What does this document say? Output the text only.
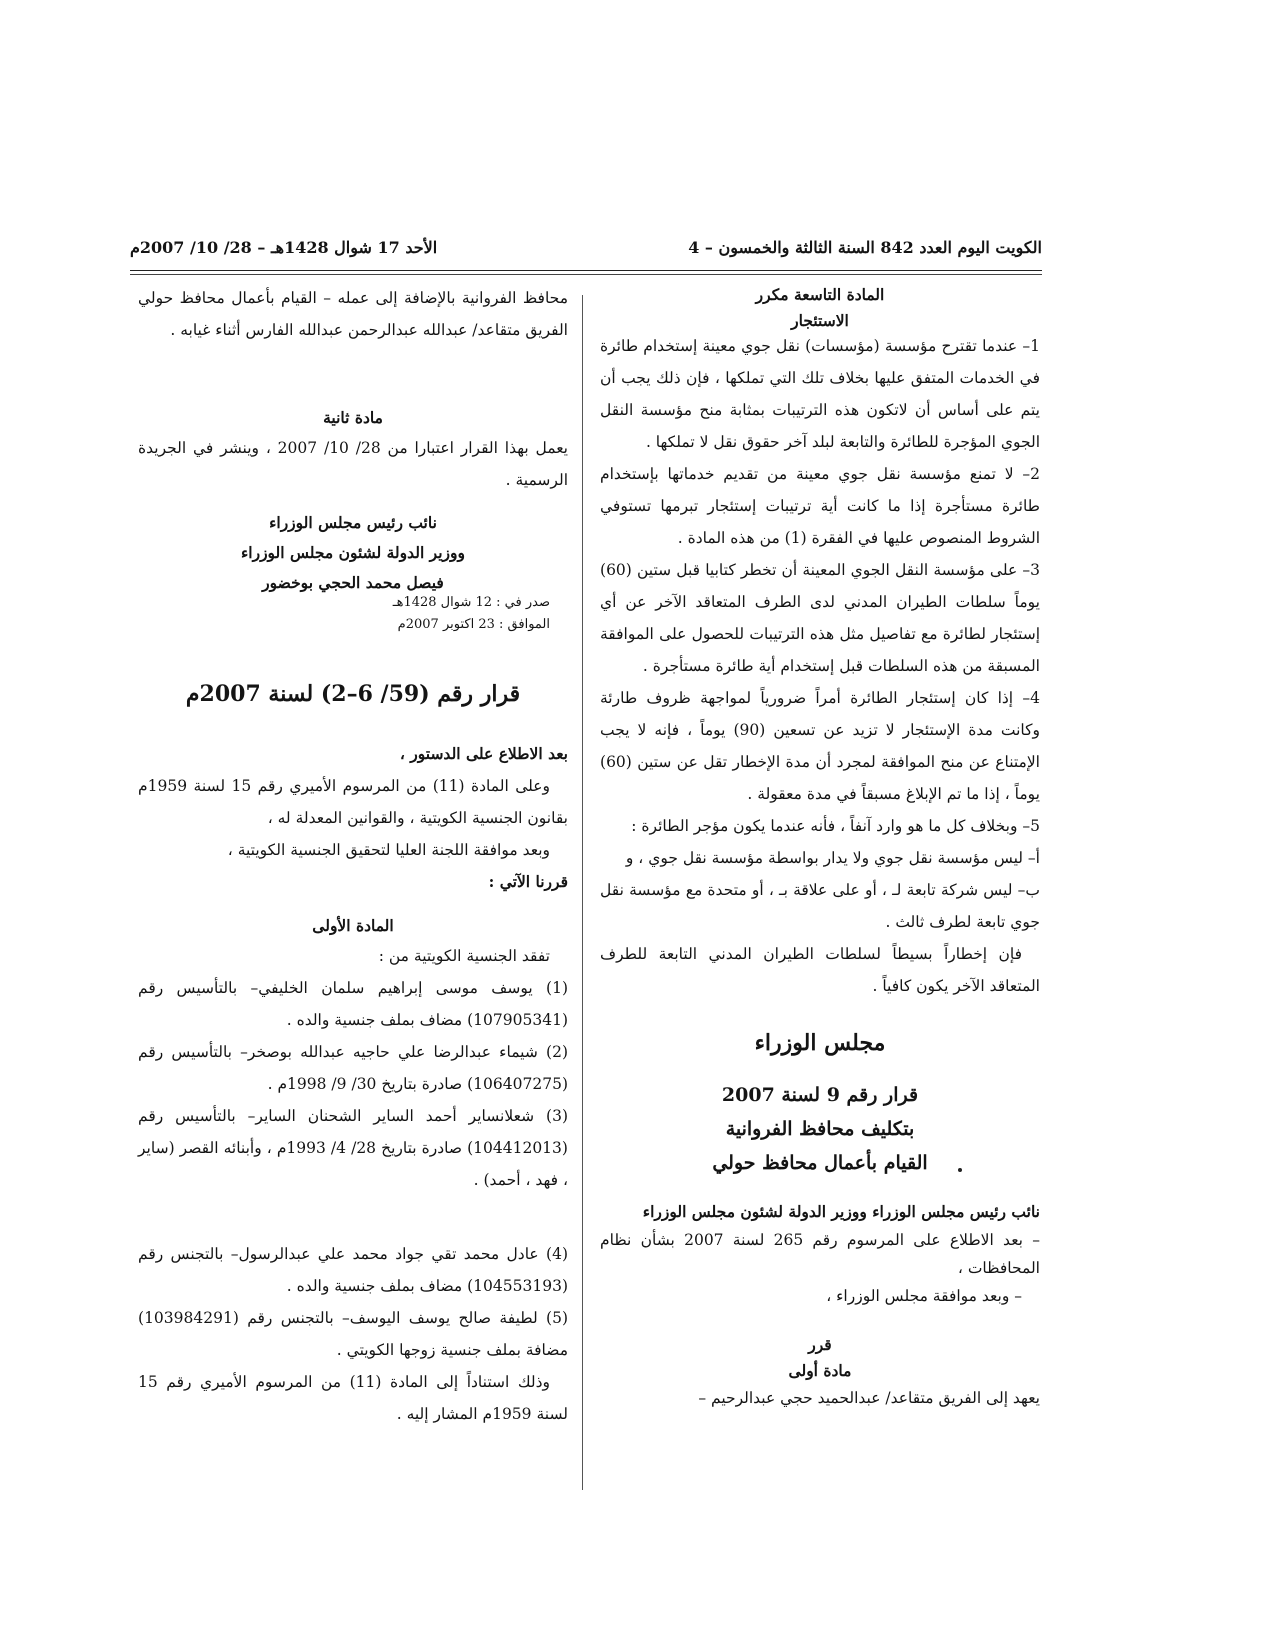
الكويت اليوم العدد 842 السنة الثالثة والخمسون – 4
الأحد 17 شوال 1428هـ – 28/ 10/ 2007م

المادة التاسعة مكرر

الاستئجار

1– عندما تقترح مؤسسة (مؤسسات) نقل جوي معينة إستخدام طائرة في الخدمات المتفق عليها بخلاف تلك التي تملكها ، فإن ذلك يجب أن يتم على أساس أن لاتكون هذه الترتيبات بمثابة منح مؤسسة النقل الجوي المؤجرة للطائرة والتابعة لبلد آخر حقوق نقل لا تملكها .

2– لا تمنع مؤسسة نقل جوي معينة من تقديم خدماتها بإستخدام طائرة مستأجرة إذا ما كانت أية ترتيبات إستئجار تبرمها تستوفي الشروط المنصوص عليها في الفقرة (1) من هذه المادة .

3– على مؤسسة النقل الجوي المعينة أن تخطر كتابيا قبل ستين (60) يوماً سلطات الطيران المدني لدى الطرف المتعاقد الآخر عن أي إستئجار لطائرة مع تفاصيل مثل هذه الترتيبات للحصول على الموافقة المسبقة من هذه السلطات قبل إستخدام أية طائرة مستأجرة .

4– إذا كان إستئجار الطائرة أمراً ضرورياً لمواجهة ظروف طارئة وكانت مدة الإستئجار لا تزيد عن تسعين (90) يوماً ، فإنه لا يجب الإمتناع عن منح الموافقة لمجرد أن مدة الإخطار تقل عن ستين (60) يوماً ، إذا ما تم الإبلاغ مسبقاً في مدة معقولة .

5– وبخلاف كل ما هو وارد آنفاً ، فأنه عندما يكون مؤجر الطائرة :

أ– ليس مؤسسة نقل جوي ولا يدار بواسطة مؤسسة نقل جوي ، و

ب– ليس شركة تابعة لـ ، أو على علاقة بـ ، أو متحدة مع مؤسسة نقل جوي تابعة لطرف ثالث .

فإن إخطاراً بسيطاً لسلطات الطيران المدني التابعة للطرف المتعاقد الآخر يكون كافياً .

مجلس الوزراء

قرار رقم 9 لسنة 2007

بتكليف محافظ الفروانية

القيام بأعمال محافظ حولي

نائب رئيس مجلس الوزراء ووزير الدولة لشئون مجلس الوزراء

– بعد الاطلاع على المرسوم رقم 265 لسنة 2007 بشأن نظام المحافظات ،

– وبعد موافقة مجلس الوزراء ،

قرر

مادة أولى

يعهد إلى الفريق متقاعد/ عبدالحميد حجي عبدالرحيم –
محافظ الفروانية بالإضافة إلى عمله – القيام بأعمال محافظ حولي الفريق متقاعد/ عبدالله عبدالرحمن عبدالله الفارس أثناء غيابه .
مادة ثانية
يعمل بهذا القرار اعتبارا من 28/ 10/ 2007 ، وينشر في الجريدة الرسمية .

نائب رئيس مجلس الوزراء

ووزير الدولة لشئون مجلس الوزراء

فيصل محمد الحجي بوخضور

صدر في : 12 شوال 1428هـ

الموافق : 23 اكتوبر 2007م

قرار رقم (59/ 6–2) لسنة 2007م

بعد الاطلاع على الدستور ،

وعلى المادة (11) من المرسوم الأميري رقم 15 لسنة 1959م بقانون الجنسية الكويتية ، والقوانين المعدلة له ،

وبعد موافقة اللجنة العليا لتحقيق الجنسية الكويتية ،

قررنا الآتي :

المادة الأولى

تفقد الجنسية الكويتية من :

(1) يوسف موسى إبراهيم سلمان الخليفي– بالتأسيس رقم (107905341) مضاف بملف جنسية والده .

(2) شيماء عبدالرضا علي حاجيه عبدالله بوصخر– بالتأسيس رقم (106407275) صادرة بتاريخ 30/ 9/ 1998م .

(3) شعلانساير أحمد الساير الشحنان الساير– بالتأسيس رقم (104412013) صادرة بتاريخ 28/ 4/ 1993م ، وأبنائه القصر (ساير ، فهد ، أحمد) .

(4) عادل محمد تقي جواد محمد علي عبدالرسول– بالتجنس رقم (104553193) مضاف بملف جنسية والده .

(5) لطيفة صالح يوسف اليوسف– بالتجنس رقم (103984291) مضافة بملف جنسية زوجها الكويتي .

وذلك استناداً إلى المادة (11) من المرسوم الأميري رقم 15 لسنة 1959م المشار إليه .
